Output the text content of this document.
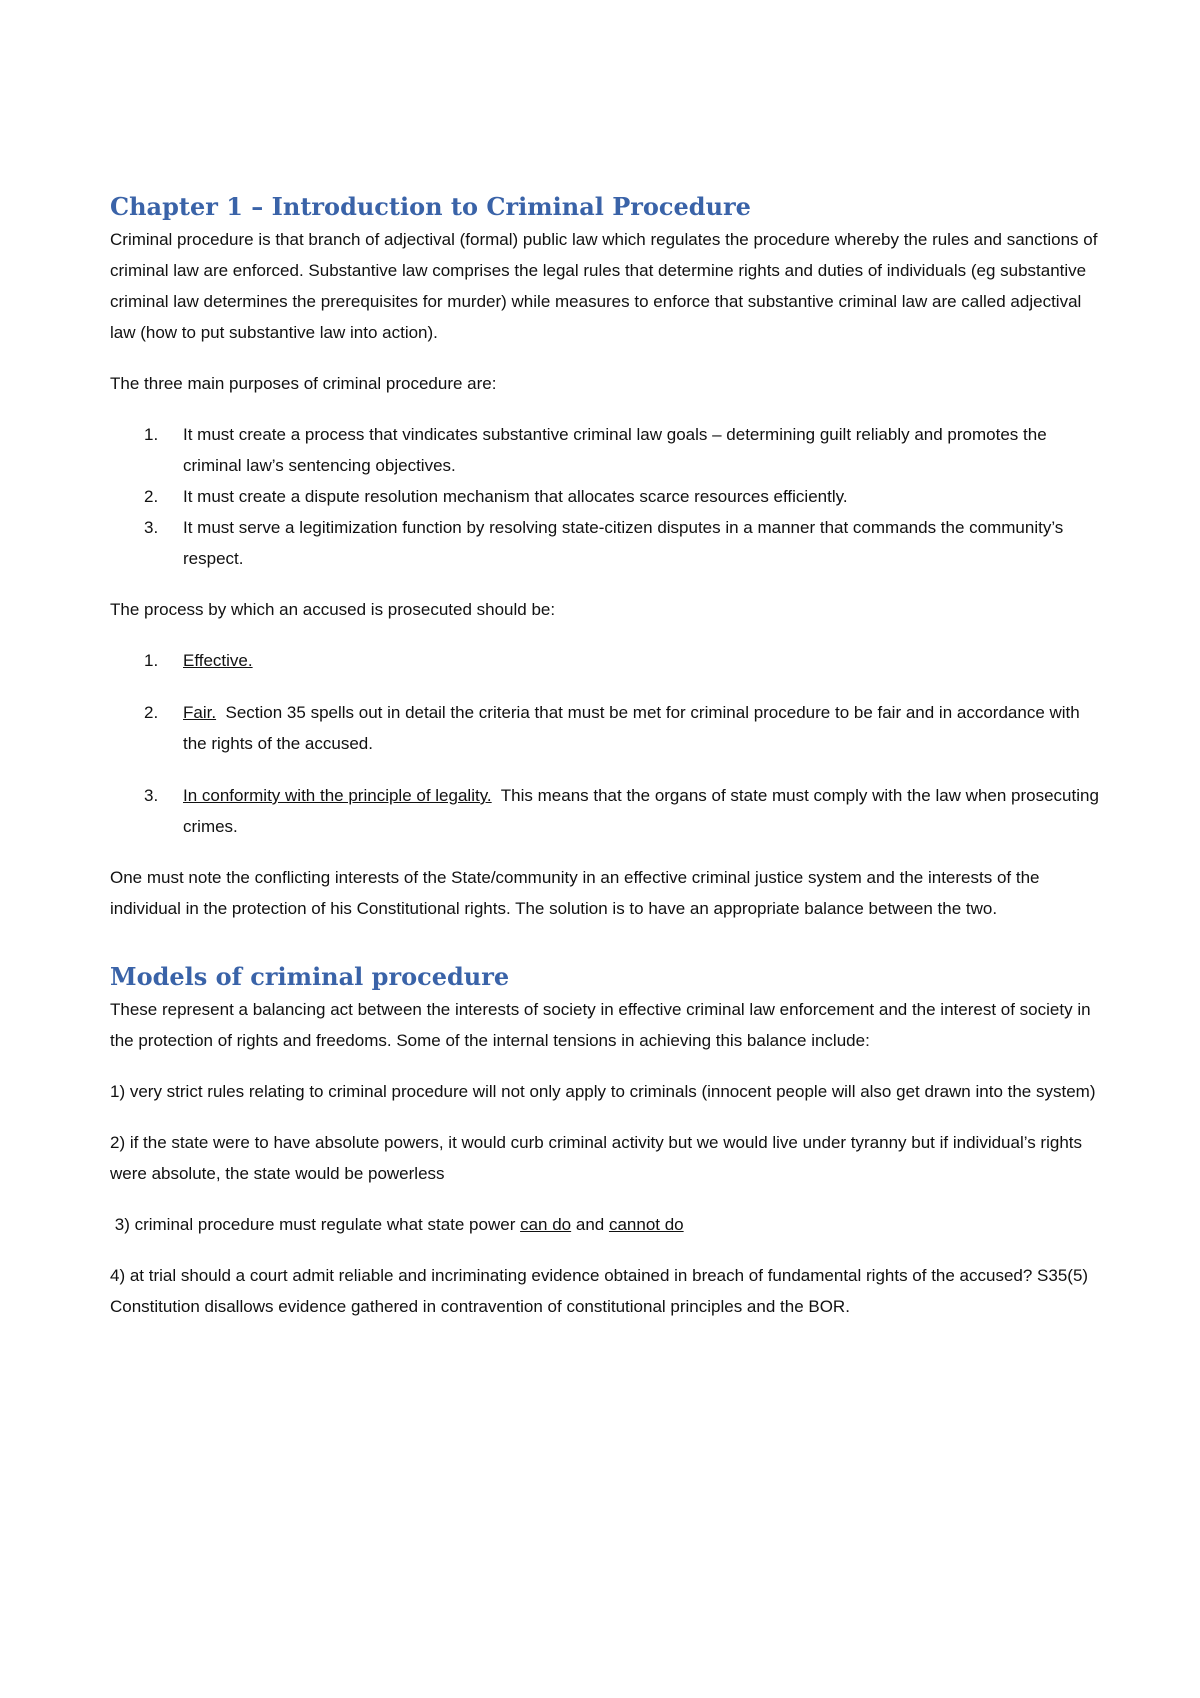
Chapter 1 – Introduction to Criminal Procedure

Criminal procedure is that branch of adjectival (formal) public law which regulates the procedure whereby the rules and sanctions of criminal law are enforced. Substantive law comprises the legal rules that determine rights and duties of individuals (eg substantive criminal law determines the prerequisites for murder) while measures to enforce that substantive criminal law are called adjectival law (how to put substantive law into action).

The three main purposes of criminal procedure are:

1. It must create a process that vindicates substantive criminal law goals – determining guilt reliably and promotes the criminal law’s sentencing objectives.
2. It must create a dispute resolution mechanism that allocates scarce resources efficiently.
3. It must serve a legitimization function by resolving state-citizen disputes in a manner that commands the community’s respect.

The process by which an accused is prosecuted should be:

1. Effective.
2. Fair.  Section 35 spells out in detail the criteria that must be met for criminal procedure to be fair and in accordance with the rights of the accused.
3. In conformity with the principle of legality.  This means that the organs of state must comply with the law when prosecuting crimes.

One must note the conflicting interests of the State/community in an effective criminal justice system and the interests of the individual in the protection of his Constitutional rights. The solution is to have an appropriate balance between the two.

Models of criminal procedure

These represent a balancing act between the interests of society in effective criminal law enforcement and the interest of society in the protection of rights and freedoms. Some of the internal tensions in achieving this balance include:

1) very strict rules relating to criminal procedure will not only apply to criminals (innocent people will also get drawn into the system)

2) if the state were to have absolute powers, it would curb criminal activity but we would live under tyranny but if individual’s rights were absolute, the state would be powerless

3) criminal procedure must regulate what state power can do and cannot do

4) at trial should a court admit reliable and incriminating evidence obtained in breach of fundamental rights of the accused? S35(5) Constitution disallows evidence gathered in contravention of constitutional principles and the BOR.
